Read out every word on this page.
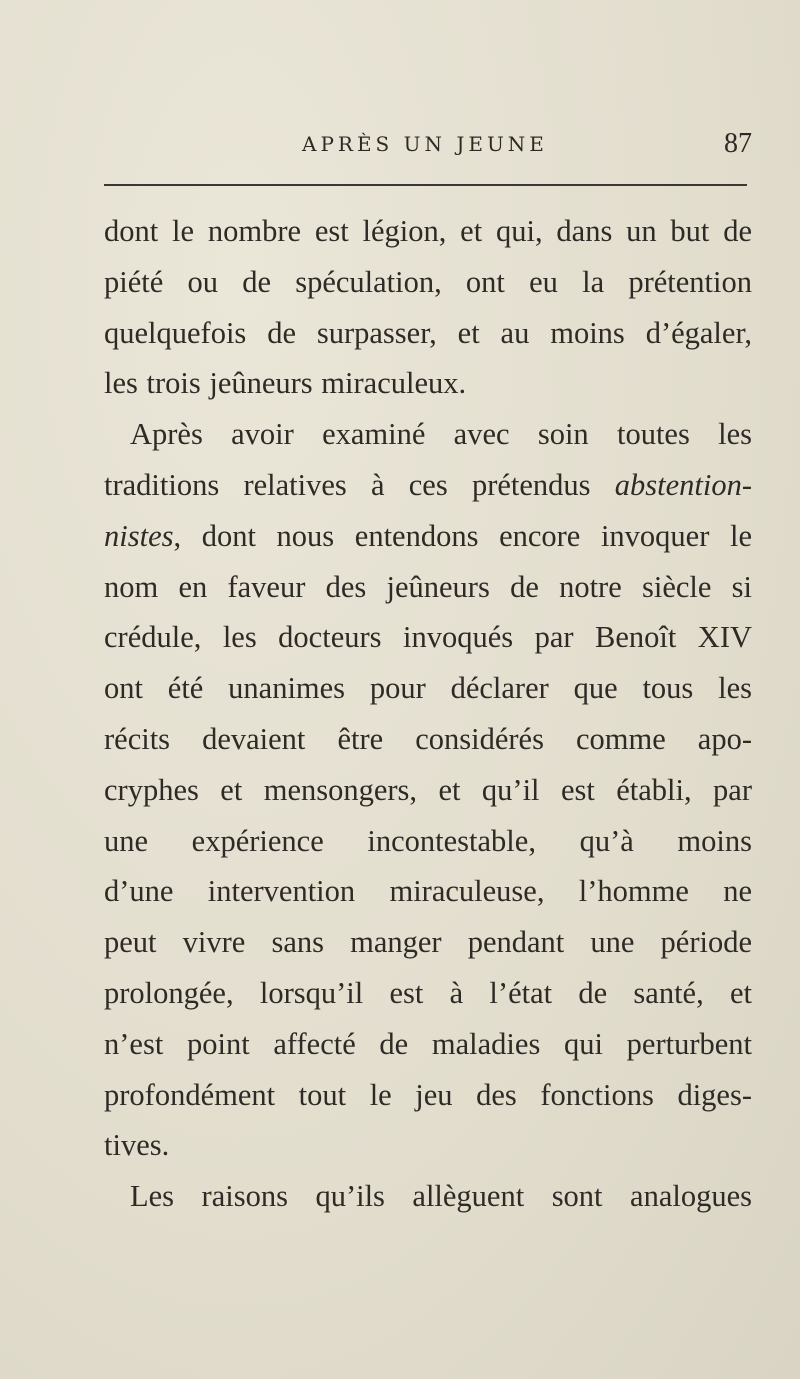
APRÈS UN JEUNE	87
dont le nombre est légion, et qui, dans un but de
piété ou de spéculation, ont eu la prétention
quelquefois de surpasser, et au moins d’égaler,
les trois jeûneurs miraculeux.
Après avoir examiné avec soin toutes les
traditions relatives à ces prétendus abstention-
nistes, dont nous entendons encore invoquer le
nom en faveur des jeûneurs de notre siècle si
crédule, les docteurs invoqués par Benoît XIV
ont été unanimes pour déclarer que tous les
récits devaient être considérés comme apo-
cryphes et mensongers, et qu’il est établi, par
une expérience incontestable, qu’à moins
d’une intervention miraculeuse, l’homme ne
peut vivre sans manger pendant une période
prolongée, lorsqu’il est à l’état de santé, et
n’est point affecté de maladies qui perturbent
profondément tout le jeu des fonctions diges-
tives.
Les raisons qu’ils allèguent sont analogues
